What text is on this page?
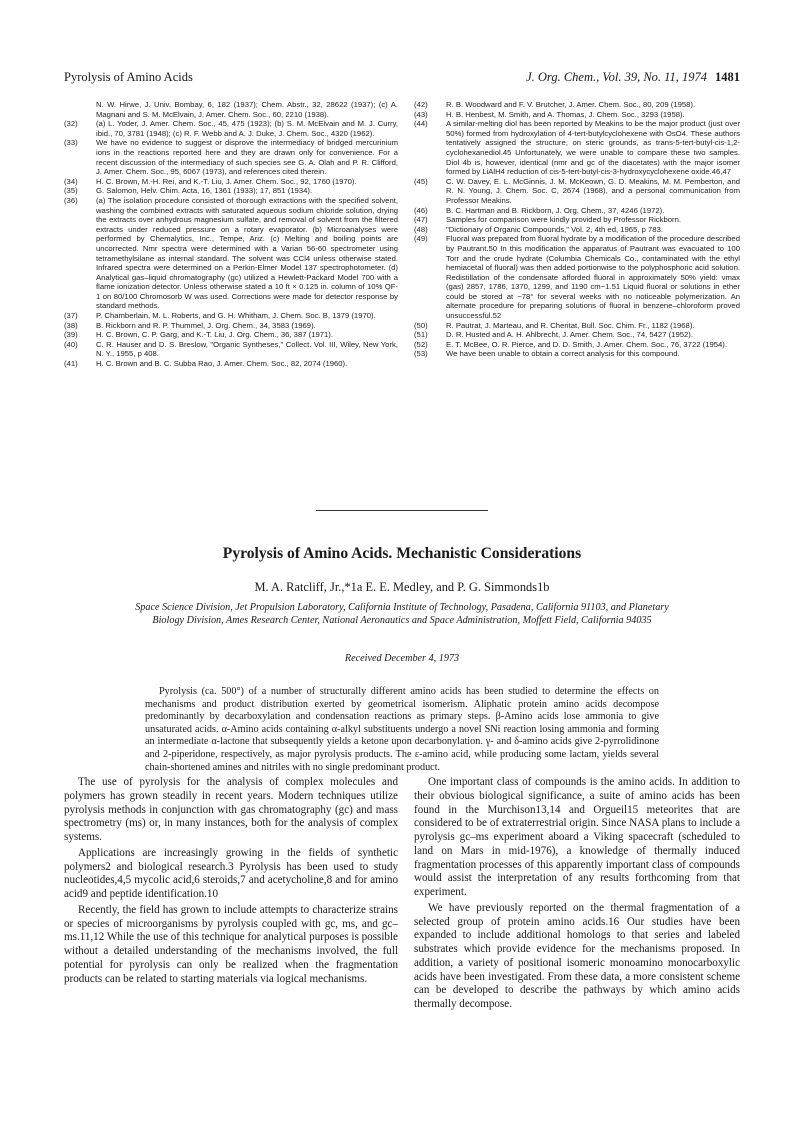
Pyrolysis of Amino Acids	J. Org. Chem., Vol. 39, No. 11, 1974 1481
N. W. Hirwe, J. Univ. Bombay, 6, 182 (1937); Chem. Abstr., 32, 28622 (1937); (c) A. Magnani and S. M. McElvain, J. Amer. Chem. Soc., 60, 2210 (1938).
(32) (a) L. Yoder, J. Amer. Chem. Soc., 45, 475 (1923); (b) S. M. McElvain and M. J. Curry, ibid., 70, 3781 (1948); (c) R. F. Webb and A. J. Duke, J. Chem. Soc., 4320 (1962).
(33) We have no evidence to suggest or disprove the intermediacy of bridged mercurinium ions in the reactions reported here and they are drawn only for convenience. For a recent discussion of the intermediacy of such species see G. A. Olah and P. R. Clifford, J. Amer. Chem. Soc., 95, 6067 (1973), and references cited therein.
(34) H. C. Brown, M.-H. Rei, and K.-T. Liu, J. Amer. Chem. Soc., 92, 1760 (1970).
(35) G. Salomon, Helv. Chim. Acta, 16, 1361 (1933); 17, 851 (1934).
(36) (a) The isolation procedure consisted of thorough extractions with the specified solvent, washing the combined extracts with saturated aqueous sodium chloride solution, drying the extracts over anhydrous magnesium sulfate, and removal of solvent from the filtered extracts under reduced pressure on a rotary evaporator. (b) Microanalyses were performed by Chemalytics, Inc., Tempe, Ariz. (c) Melting and boiling points are uncorrected. Nmr spectra were determined with a Varian 56-60 spectrometer using tetramethylsilane as internal standard. The solvent was CCl4 unless otherwise stated. Infrared spectra were determined on a Perkin-Elmer Model 137 spectrophotometer. (d) Analytical gas–liquid chromatography (gc) utilized a Hewlett-Packard Model 700 with a flame ionization detector. Unless otherwise stated a 10 ft × 0.125 in. column of 10% QF-1 on 80/100 Chromosorb W was used. Corrections were made for detector response by standard methods.
(37) P. Chamberlain, M. L. Roberts, and G. H. Whitham, J. Chem. Soc. B, 1379 (1970).
(38) B. Rickborn and R. P. Thummel, J. Org. Chem., 34, 3583 (1969).
(39) H. C. Brown, C. P. Garg, and K.-T. Liu, J. Org. Chem., 36, 387 (1971).
(40) C. R. Hauser and D. S. Breslow, "Organic Syntheses," Collect. Vol. III, Wiley, New York, N. Y., 1955, p 408.
(41) H. C. Brown and B. C. Subba Rao, J. Amer. Chem. Soc., 82, 2074 (1960).
(42) R. B. Woodward and F. V. Brutcher, J. Amer. Chem. Soc., 80, 209 (1958).
(43) H. B. Henbest, M. Smith, and A. Thomas, J. Chem. Soc., 3293 (1958).
(44) A similar-melting diol has been reported by Meakins to be the major product (just over 50%) formed from hydroxylation of 4-tert-butylcyclohexene with OsO4. These authors tentatively assigned the structure, on steric grounds, as trans-5-tert-butyl-cis-1,2-cyclohexanediol.45 Unfortunately, we were unable to compare these two samples. Diol 4b is, however, identical (nmr and gc of the diacetates) with the major isomer formed by LiAlH4 reduction of cis-5-tert-butyl-cis-3-hydroxycyclohexene oxide.46,47
(45) C. W. Davey, E. L. McGinnis, J. M. McKeown, G. D. Meakins, M. M. Pemberton, and R. N. Young, J. Chem. Soc. C, 2674 (1968), and a personal communication from Professor Meakins.
(46) B. C. Hartman and B. Rickborn, J. Org. Chem., 37, 4246 (1972).
(47) Samples for comparison were kindly provided by Professor Rickborn.
(48) "Dictionary of Organic Compounds," Vol. 2, 4th ed, 1965, p 783.
(49) Fluoral was prepared from fluoral hydrate by a modification of the procedure described by Pautrant.50 In this modification the apparatus of Pautrant was evacuated to 100 Torr and the crude hydrate (Columbia Chemicals Co., contaminated with the ethyl hemiacetal of fluoral) was then added portionwise to the polyphosphoric acid solution. Redistillation of the condensate afforded fluoral in approximately 50% yield: νmax (gas) 2857, 1786, 1370, 1299, and 1190 cm−1.51 Liquid fluoral or solutions in ether could be stored at −78° for several weeks with no noticeable polymerization. An alternate procedure for preparing solutions of fluoral in benzene–chloroform proved unsuccessful.52
(50) R. Pautrat, J. Marteau, and R. Cheritat, Bull. Soc. Chim. Fr., 1182 (1968).
(51) D. R. Husted and A. H. Ahlbrecht, J. Amer. Chem. Soc., 74, 5427 (1952).
(52) E. T. McBee, O. R. Pierce, and D. D. Smith, J. Amer. Chem. Soc., 76, 3722 (1954).
(53) We have been unable to obtain a correct analysis for this compound.
Pyrolysis of Amino Acids. Mechanistic Considerations
M. A. Ratcliff, Jr.,*1a E. E. Medley, and P. G. Simmonds1b
Space Science Division, Jet Propulsion Laboratory, California Institute of Technology, Pasadena, California 91103, and Planetary Biology Division, Ames Research Center, National Aeronautics and Space Administration, Moffett Field, California 94035
Received December 4, 1973

Pyrolysis (ca. 500°) of a number of structurally different amino acids has been studied to determine the effects on mechanisms and product distribution exerted by geometrical isomerism. Aliphatic protein amino acids decompose predominantly by decarboxylation and condensation reactions as primary steps. β-Amino acids lose ammonia to give unsaturated acids. α-Amino acids containing α-alkyl substituents undergo a novel SNi reaction losing ammonia and forming an intermediate α-lactone that subsequently yields a ketone upon decarbonylation. γ- and δ-amino acids give 2-pyrrolidinone and 2-piperidone, respectively, as major pyrolysis products. The ε-amino acid, while producing some lactam, yields several chain-shortened amines and nitriles with no single predominant product.

The use of pyrolysis for the analysis of complex molecules and polymers has grown steadily in recent years. Modern techniques utilize pyrolysis methods in conjunction with gas chromatography (gc) and mass spectrometry (ms) or, in many instances, both for the analysis of complex systems.

Applications are increasingly growing in the fields of synthetic polymers2 and biological research.3 Pyrolysis has been used to study nucleotides,4,5 mycolic acid,6 steroids,7 and acetycholine,8 and for amino acid9 and peptide identification.10

Recently, the field has grown to include attempts to characterize strains or species of microorganisms by pyrolysis coupled with gc, ms, and gc–ms.11,12 While the use of this technique for analytical purposes is possible without a detailed understanding of the mechanisms involved, the full potential for pyrolysis can only be realized when the fragmentation products can be related to starting materials via logical mechanisms.

One important class of compounds is the amino acids. In addition to their obvious biological significance, a suite of amino acids has been found in the Murchison13,14 and Orgueil15 meteorites that are considered to be of extraterrestrial origin. Since NASA plans to include a pyrolysis gc–ms experiment aboard a Viking spacecraft (scheduled to land on Mars in mid-1976), a knowledge of thermally induced fragmentation processes of this apparently important class of compounds would assist the interpretation of any results forthcoming from that experiment.

We have previously reported on the thermal fragmentation of a selected group of protein amino acids.16 Our studies have been expanded to include additional homologs to that series and labeled substrates which provide evidence for the mechanisms proposed. In addition, a variety of positional isomeric monoamino monocarboxylic acids have been investigated. From these data, a more consistent scheme can be developed to describe the pathways by which amino acids thermally decompose.
